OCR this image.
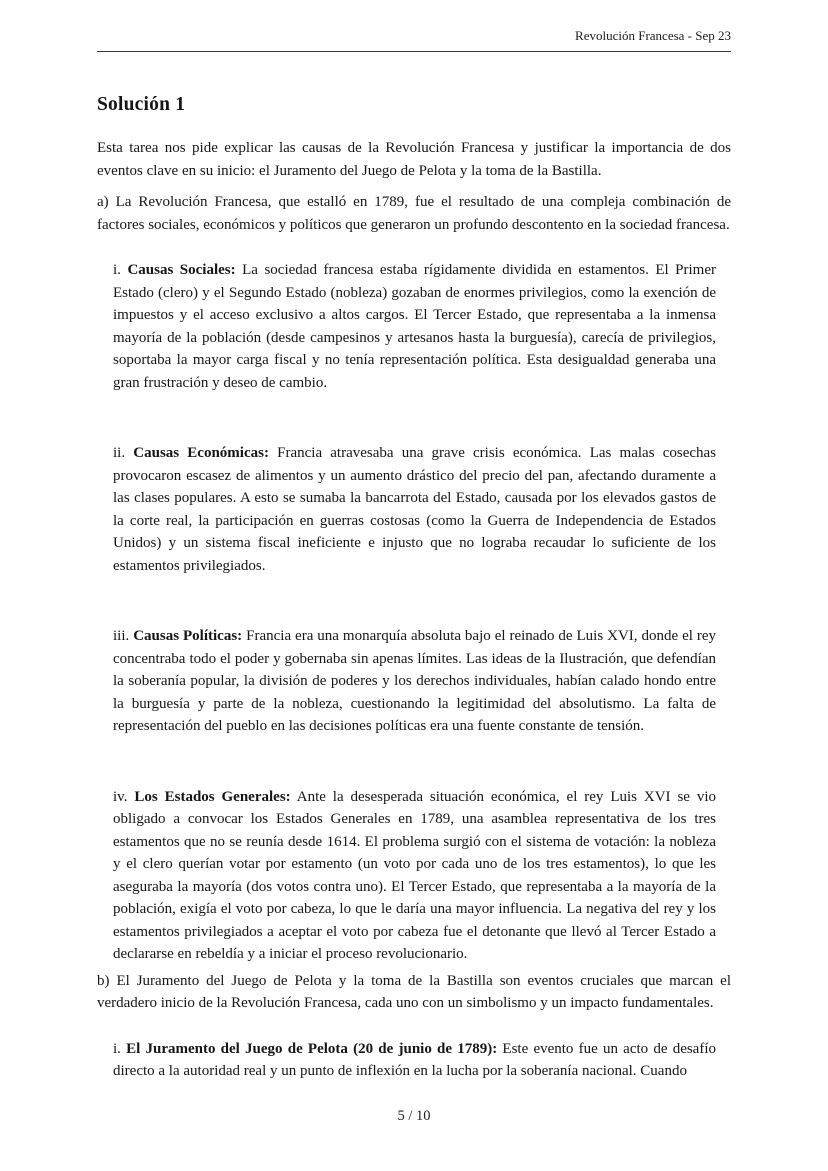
Revolución Francesa - Sep 23
Solución 1

Esta tarea nos pide explicar las causas de la Revolución Francesa y justificar la importancia de dos eventos clave en su inicio: el Juramento del Juego de Pelota y la toma de la Bastilla.

a) La Revolución Francesa, que estalló en 1789, fue el resultado de una compleja combinación de factores sociales, económicos y políticos que generaron un profundo descontento en la sociedad francesa.

i. Causas Sociales: La sociedad francesa estaba rígidamente dividida en estamentos. El Primer Estado (clero) y el Segundo Estado (nobleza) gozaban de enormes privilegios, como la exención de impuestos y el acceso exclusivo a altos cargos. El Tercer Estado, que representaba a la inmensa mayoría de la población (desde campesinos y artesanos hasta la burguesía), carecía de privilegios, soportaba la mayor carga fiscal y no tenía representación política. Esta desigualdad generaba una gran frustración y deseo de cambio.

ii. Causas Económicas: Francia atravesaba una grave crisis económica. Las malas cosechas provocaron escasez de alimentos y un aumento drástico del precio del pan, afectando duramente a las clases populares. A esto se sumaba la bancarrota del Estado, causada por los elevados gastos de la corte real, la participación en guerras costosas (como la Guerra de Independencia de Estados Unidos) y un sistema fiscal ineficiente e injusto que no lograba recaudar lo suficiente de los estamentos privilegiados.

iii. Causas Políticas: Francia era una monarquía absoluta bajo el reinado de Luis XVI, donde el rey concentraba todo el poder y gobernaba sin apenas límites. Las ideas de la Ilustración, que defendían la soberanía popular, la división de poderes y los derechos individuales, habían calado hondo entre la burguesía y parte de la nobleza, cuestionando la legitimidad del absolutismo. La falta de representación del pueblo en las decisiones políticas era una fuente constante de tensión.

iv. Los Estados Generales: Ante la desesperada situación económica, el rey Luis XVI se vio obligado a convocar los Estados Generales en 1789, una asamblea representativa de los tres estamentos que no se reunía desde 1614. El problema surgió con el sistema de votación: la nobleza y el clero querían votar por estamento (un voto por cada uno de los tres estamentos), lo que les aseguraba la mayoría (dos votos contra uno). El Tercer Estado, que representaba a la mayoría de la población, exigía el voto por cabeza, lo que le daría una mayor influencia. La negativa del rey y los estamentos privilegiados a aceptar el voto por cabeza fue el detonante que llevó al Tercer Estado a declararse en rebeldía y a iniciar el proceso revolucionario.

b) El Juramento del Juego de Pelota y la toma de la Bastilla son eventos cruciales que marcan el verdadero inicio de la Revolución Francesa, cada uno con un simbolismo y un impacto fundamentales.

i. El Juramento del Juego de Pelota (20 de junio de 1789): Este evento fue un acto de desafío directo a la autoridad real y un punto de inflexión en la lucha por la soberanía nacional. Cuando

5 / 10
